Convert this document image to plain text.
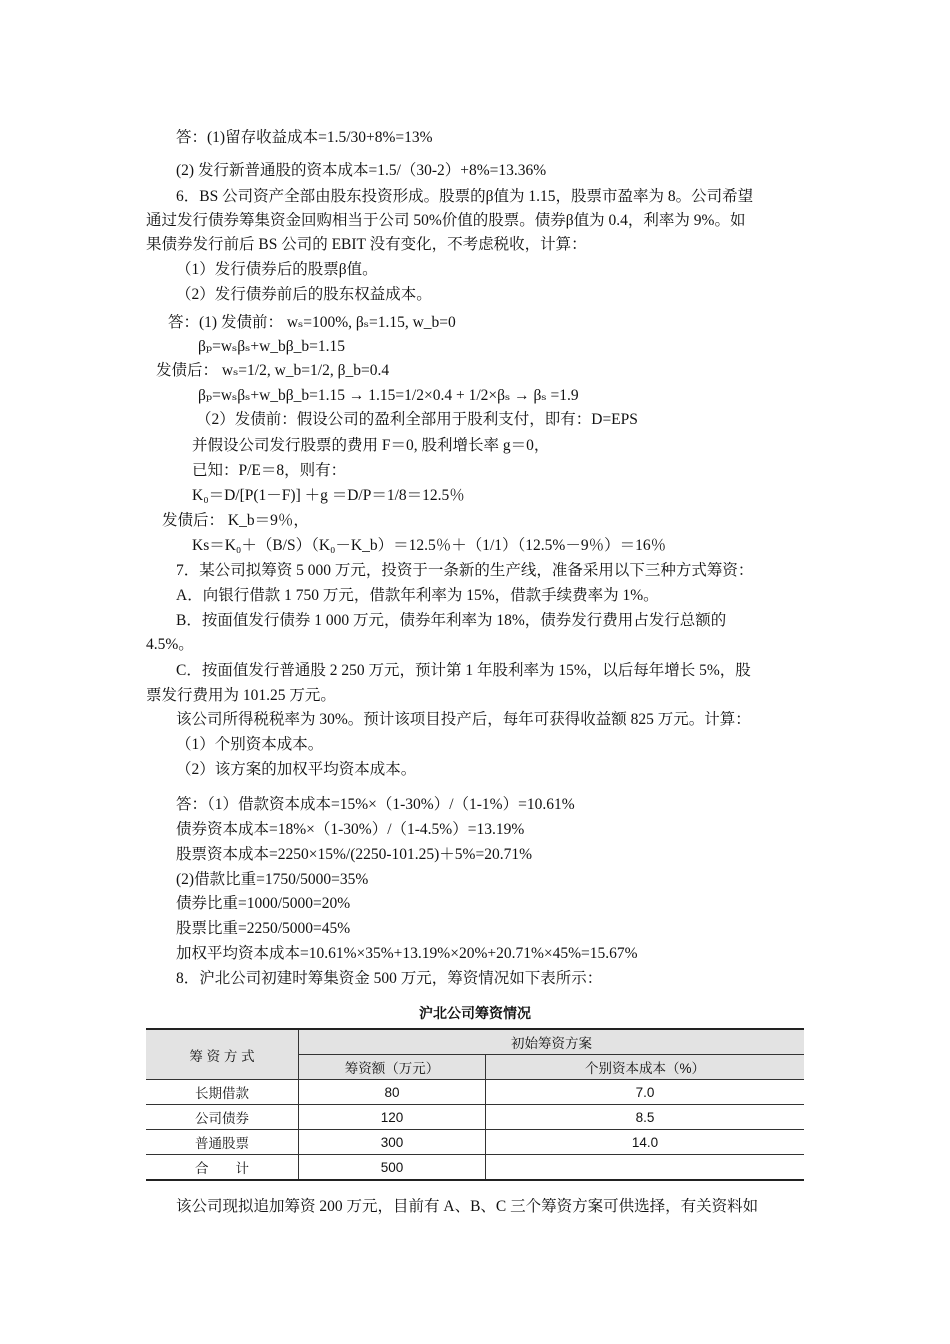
答：(1)留存收益成本=1.5/30+8%=13%
(2) 发行新普通股的资本成本=1.5/（30-2）+8%=13.36%
6．BS 公司资产全部由股东投资形成。股票的β值为 1.15，股票市盈率为 8。公司希望
通过发行债券筹集资金回购相当于公司 50%价值的股票。债券β值为 0.4，利率为 9%。如
果债券发行前后 BS 公司的 EBIT 没有变化，不考虑税收，计算：
（1）发行债券后的股票β值。
（2）发行债券前后的股东权益成本。
答：(1) 发债前： wₛ=100%, βₛ=1.15, w_b=0
βₚ=wₛβₛ+w_bβ_b=1.15
发债后： wₛ=1/2, w_b=1/2, β_b=0.4
βₚ=wₛβₛ+w_bβ_b=1.15 → 1.15=1/2×0.4 + 1/2×βₛ → βₛ =1.9
（2）发债前：假设公司的盈利全部用于股利支付，即有：D=EPS
并假设公司发行股票的费用 F＝0, 股利增长率 g＝0，
已知：P/E＝8，则有：
K₀＝D/[P(1－F)] ＋g ＝D/P＝1/8＝12.5％
发债后： K_b＝9％，
Ks＝K₀＋（B/S）（K₀－K_b）＝12.5％＋（1/1）（12.5%－9％）＝16％
7．某公司拟筹资 5 000 万元，投资于一条新的生产线，准备采用以下三种方式筹资：
A．向银行借款 1 750 万元，借款年利率为 15%，借款手续费率为 1%。
B．按面值发行债券 1 000 万元，债券年利率为 18%，债券发行费用占发行总额的
4.5%。
C．按面值发行普通股 2 250 万元，预计第 1 年股利率为 15%，以后每年增长 5%，股
票发行费用为 101.25 万元。
该公司所得税税率为 30%。预计该项目投产后，每年可获得收益额 825 万元。计算：
（1）个别资本成本。
（2）该方案的加权平均资本成本。
答：（1）借款资本成本=15%×（1-30%）/（1-1%）=10.61%
债券资本成本=18%×（1-30%）/（1-4.5%）=13.19%
股票资本成本=2250×15%/(2250-101.25)＋5%=20.71%
(2)借款比重=1750/5000=35%
债券比重=1000/5000=20%
股票比重=2250/5000=45%
加权平均资本成本=10.61%×35%+13.19%×20%+20.71%×45%=15.67%
8．沪北公司初建时筹集资金 500 万元，筹资情况如下表所示：
沪北公司筹资情况
筹 资 方 式	初始筹资方案	
	筹资额（万元）	个别资本成本（%）
长期借款	80	7.0
公司债券	120	8.5
普通股票	300	14.0
合　　计	500	
该公司现拟追加筹资 200 万元，目前有 A、B、C 三个筹资方案可供选择，有关资料如
